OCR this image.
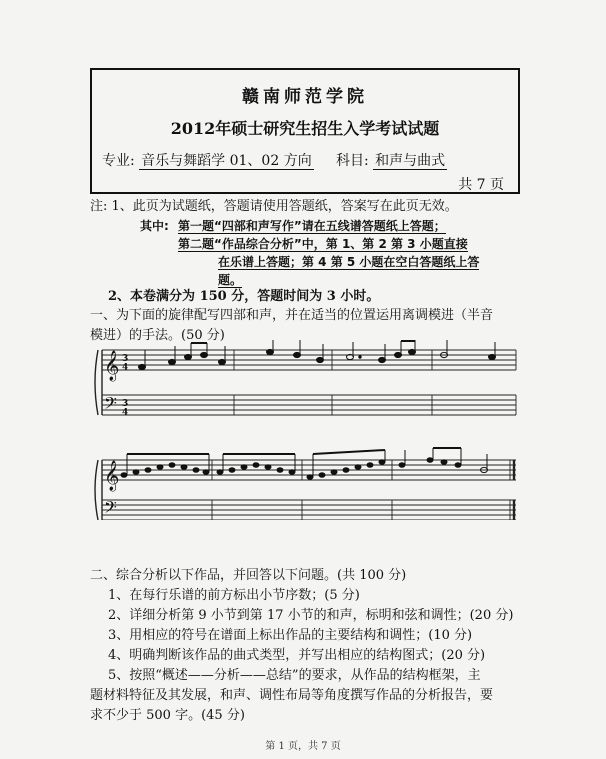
赣南师范学院
2012年硕士研究生招生入学考试试题
专业: 音乐与舞蹈学 01、02 方向 科目: 和声与曲式
共 7 页
注: 1、此页为试题纸，答题请使用答题纸，答案写在此页无效。
其中: 第一题“四部和声写作”请在五线谱答题纸上答题；
第二题“作品综合分析”中，第 1、第 2 第 3 小题直接
在乐谱上答题；第 4 第 5 小题在空白答题纸上答
题。
2、本卷满分为 150 分，答题时间为 3 小时。
一、为下面的旋律配写四部和声，并在适当的位置运用离调模进（半音
模进）的手法。(50 分)
𝄞
𝄢
3
4
3
4
𝄞
𝄢
二、综合分析以下作品，并回答以下问题。(共 100 分)
1、在每行乐谱的前方标出小节序数；(5 分)
2、详细分析第 9 小节到第 17 小节的和声，标明和弦和调性；(20 分)
3、用相应的符号在谱面上标出作品的主要结构和调性；(10 分)
4、明确判断该作品的曲式类型，并写出相应的结构图式；(20 分)
5、按照“概述——分析——总结”的要求，从作品的结构框架，主
题材料特征及其发展，和声、调性布局等角度撰写作品的分析报告，要
求不少于 500 字。(45 分)
第 1 页，共 7 页
